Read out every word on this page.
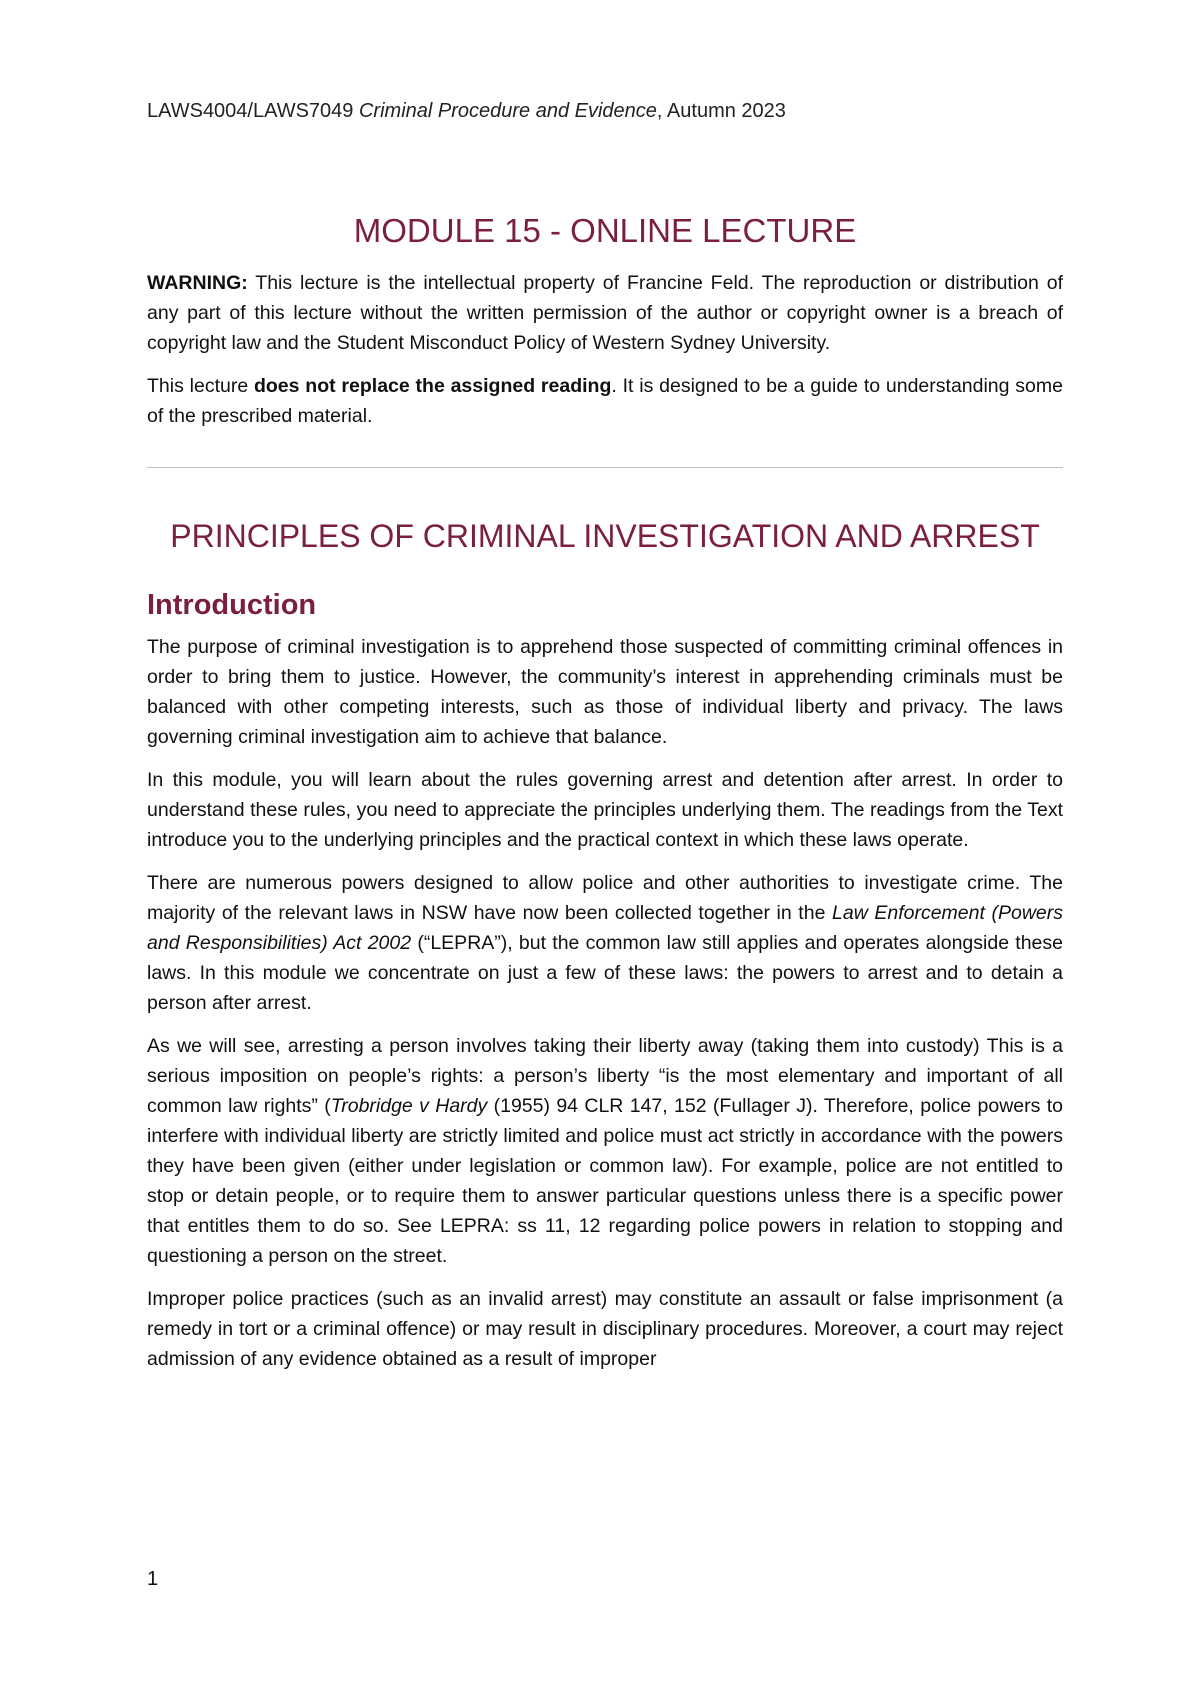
LAWS4004/LAWS7049 Criminal Procedure and Evidence, Autumn 2023
MODULE 15 - ONLINE LECTURE

WARNING: This lecture is the intellectual property of Francine Feld. The reproduction or distribution of any part of this lecture without the written permission of the author or copyright owner is a breach of copyright law and the Student Misconduct Policy of Western Sydney University.

This lecture does not replace the assigned reading. It is designed to be a guide to understanding some of the prescribed material.

PRINCIPLES OF CRIMINAL INVESTIGATION AND ARREST
Introduction

The purpose of criminal investigation is to apprehend those suspected of committing criminal offences in order to bring them to justice. However, the community’s interest in apprehending criminals must be balanced with other competing interests, such as those of individual liberty and privacy. The laws governing criminal investigation aim to achieve that balance.

In this module, you will learn about the rules governing arrest and detention after arrest. In order to understand these rules, you need to appreciate the principles underlying them. The readings from the Text introduce you to the underlying principles and the practical context in which these laws operate.

There are numerous powers designed to allow police and other authorities to investigate crime. The majority of the relevant laws in NSW have now been collected together in the Law Enforcement (Powers and Responsibilities) Act 2002 (“LEPRA”), but the common law still applies and operates alongside these laws. In this module we concentrate on just a few of these laws: the powers to arrest and to detain a person after arrest.

As we will see, arresting a person involves taking their liberty away (taking them into custody) This is a serious imposition on people’s rights: a person’s liberty “is the most elementary and important of all common law rights” (Trobridge v Hardy (1955) 94 CLR 147, 152 (Fullager J). Therefore, police powers to interfere with individual liberty are strictly limited and police must act strictly in accordance with the powers they have been given (either under legislation or common law). For example, police are not entitled to stop or detain people, or to require them to answer particular questions unless there is a specific power that entitles them to do so. See LEPRA: ss 11, 12 regarding police powers in relation to stopping and questioning a person on the street.

Improper police practices (such as an invalid arrest) may constitute an assault or false imprisonment (a remedy in tort or a criminal offence) or may result in disciplinary procedures. Moreover, a court may reject admission of any evidence obtained as a result of improper

1
